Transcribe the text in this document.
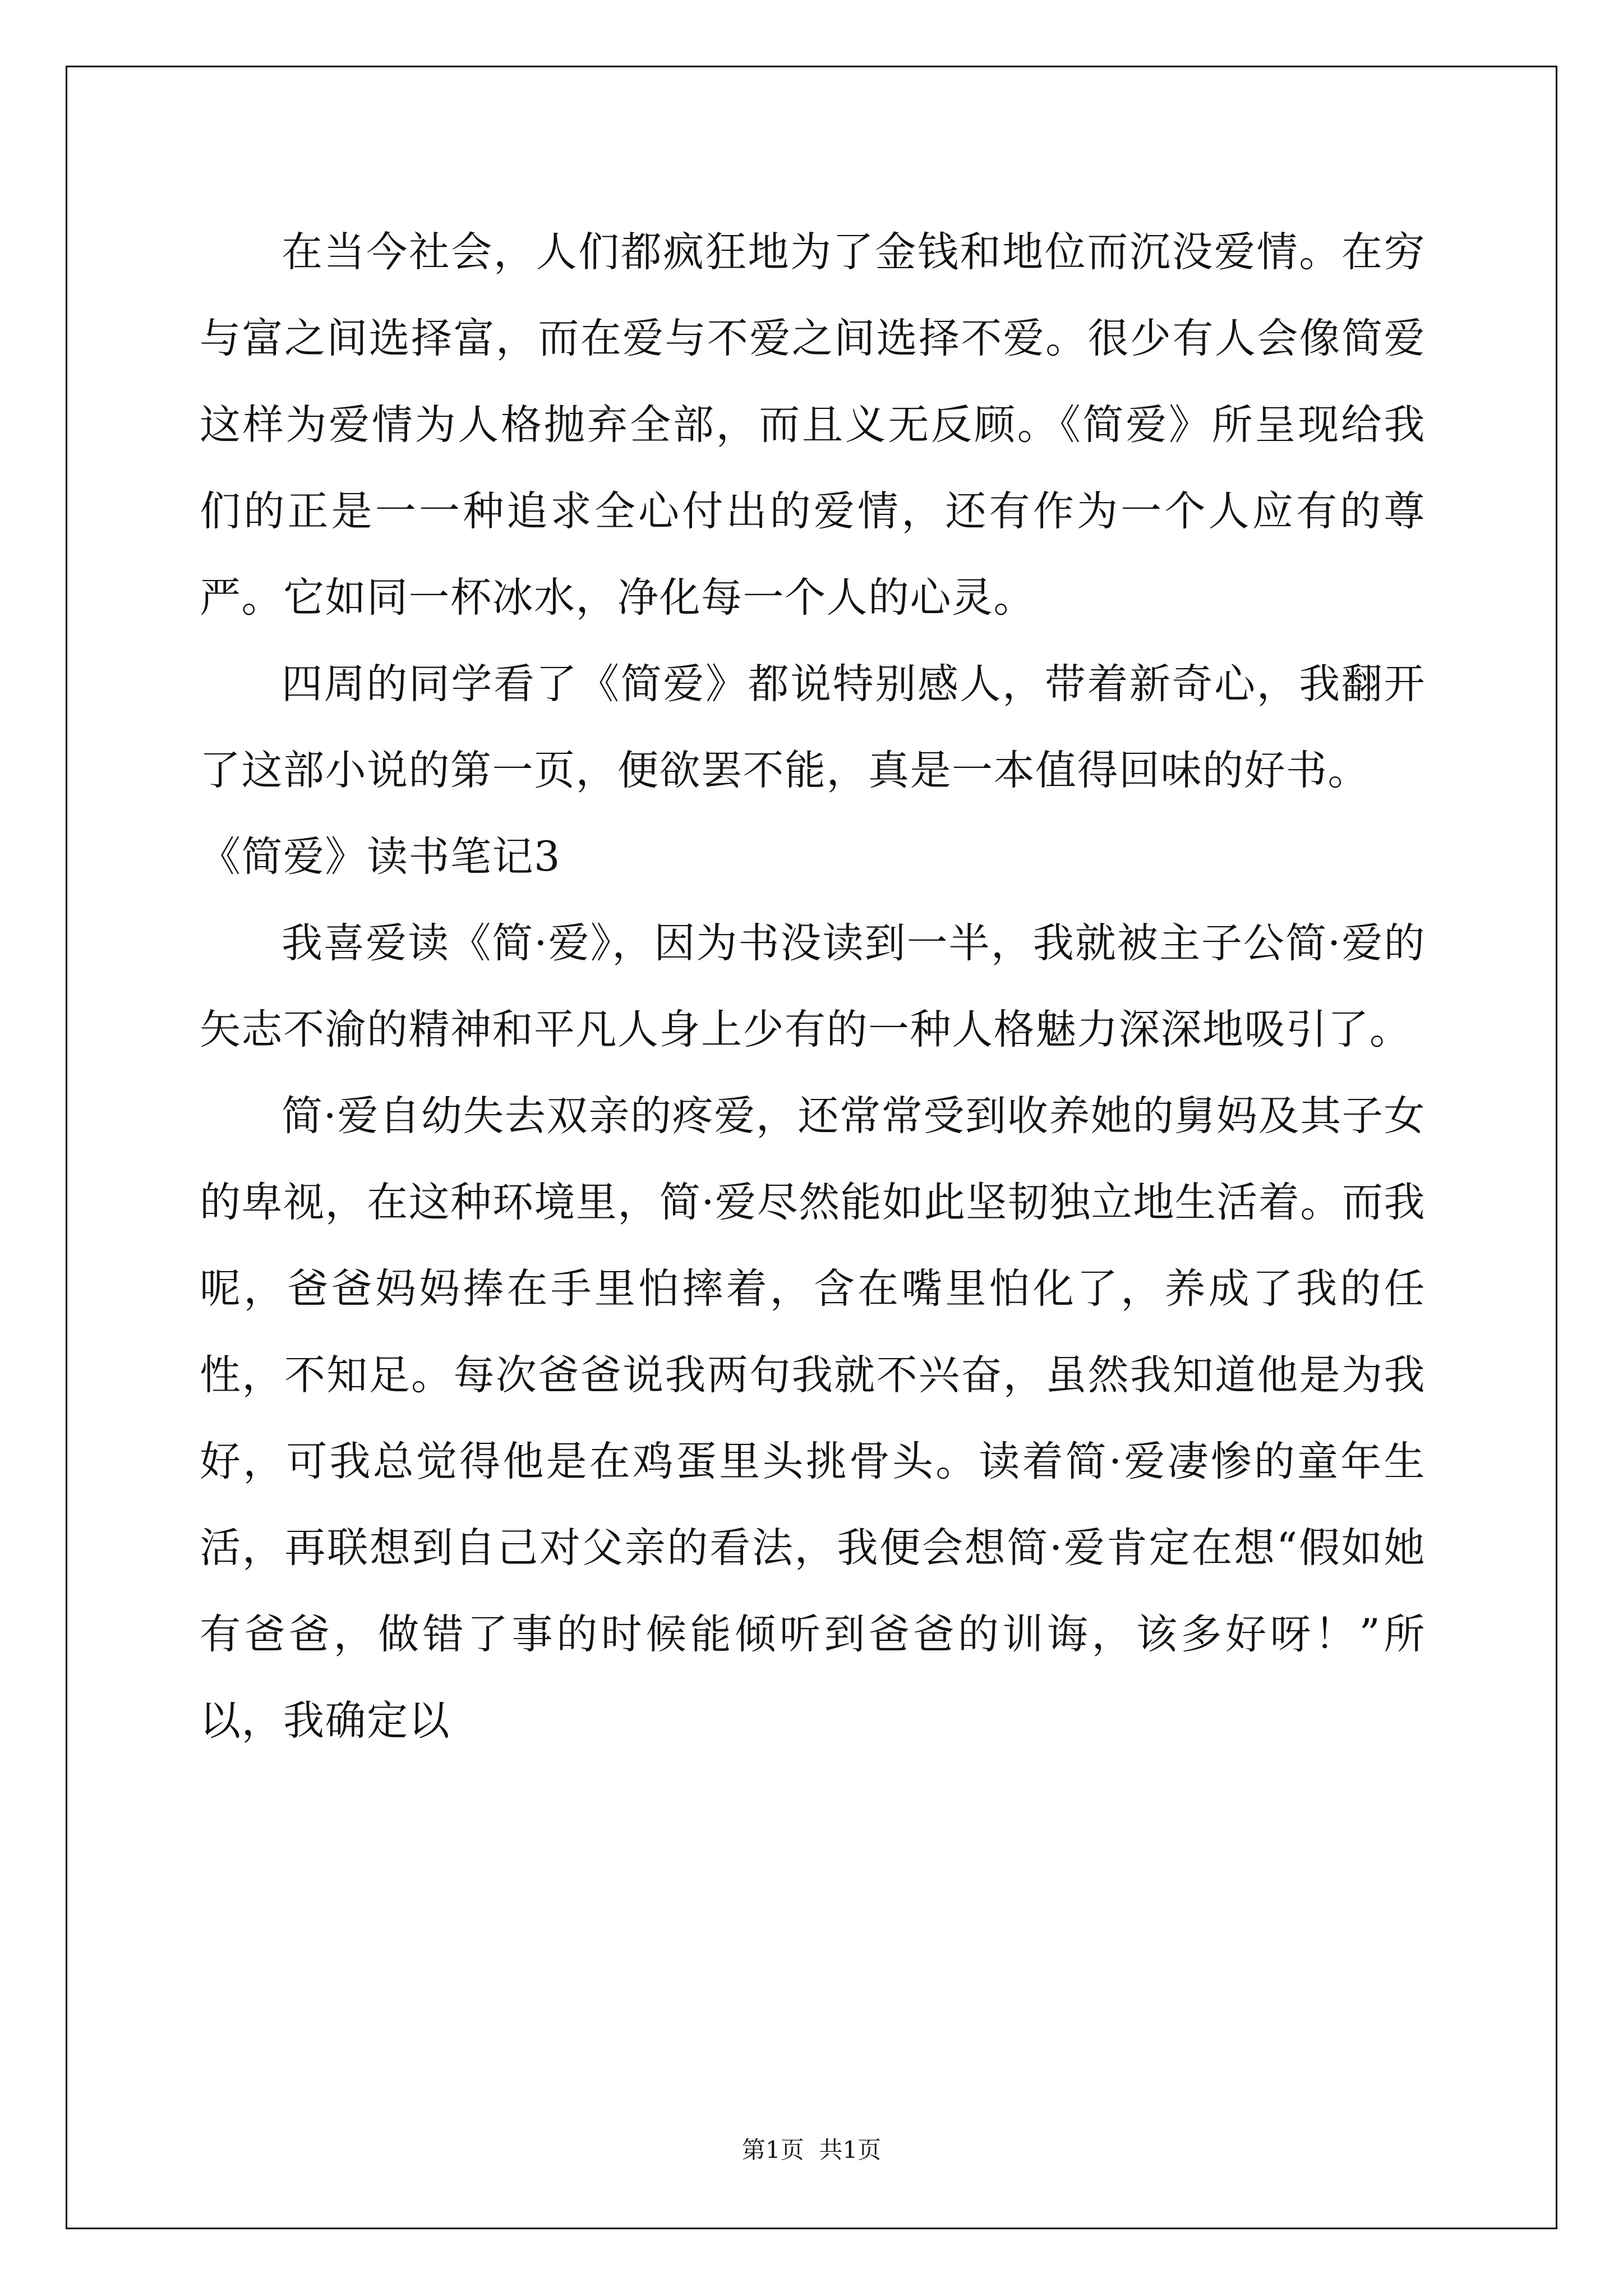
在当今社会，人们都疯狂地为了金钱和地位而沉没爱情。在穷与富之间选择富，而在爱与不爱之间选择不爱。很少有人会像简爱这样为爱情为人格抛弃全部，而且义无反顾。《简爱》所呈现给我们的正是一一种追求全心付出的爱情，还有作为一个人应有的尊严。它如同一杯冰水，净化每一个人的心灵。

四周的同学看了《简爱》都说特别感人，带着新奇心，我翻开了这部小说的第一页，便欲罢不能，真是一本值得回味的好书。

《简爱》读书笔记3

我喜爱读《简·爱》，因为书没读到一半，我就被主子公简·爱的矢志不渝的精神和平凡人身上少有的一种人格魅力深深地吸引了。

简·爱自幼失去双亲的疼爱，还常常受到收养她的舅妈及其子女的卑视，在这种环境里，简·爱尽然能如此坚韧独立地生活着。而我呢，爸爸妈妈捧在手里怕摔着，含在嘴里怕化了，养成了我的任性，不知足。每次爸爸说我两句我就不兴奋，虽然我知道他是为我好，可我总觉得他是在鸡蛋里头挑骨头。读着简·爱凄惨的童年生活，再联想到自己对父亲的看法，我便会想简·爱肯定在想“假如她有爸爸，做错了事的时候能倾听到爸爸的训诲，该多好呀！”所以，我确定以

第1页  共1页
